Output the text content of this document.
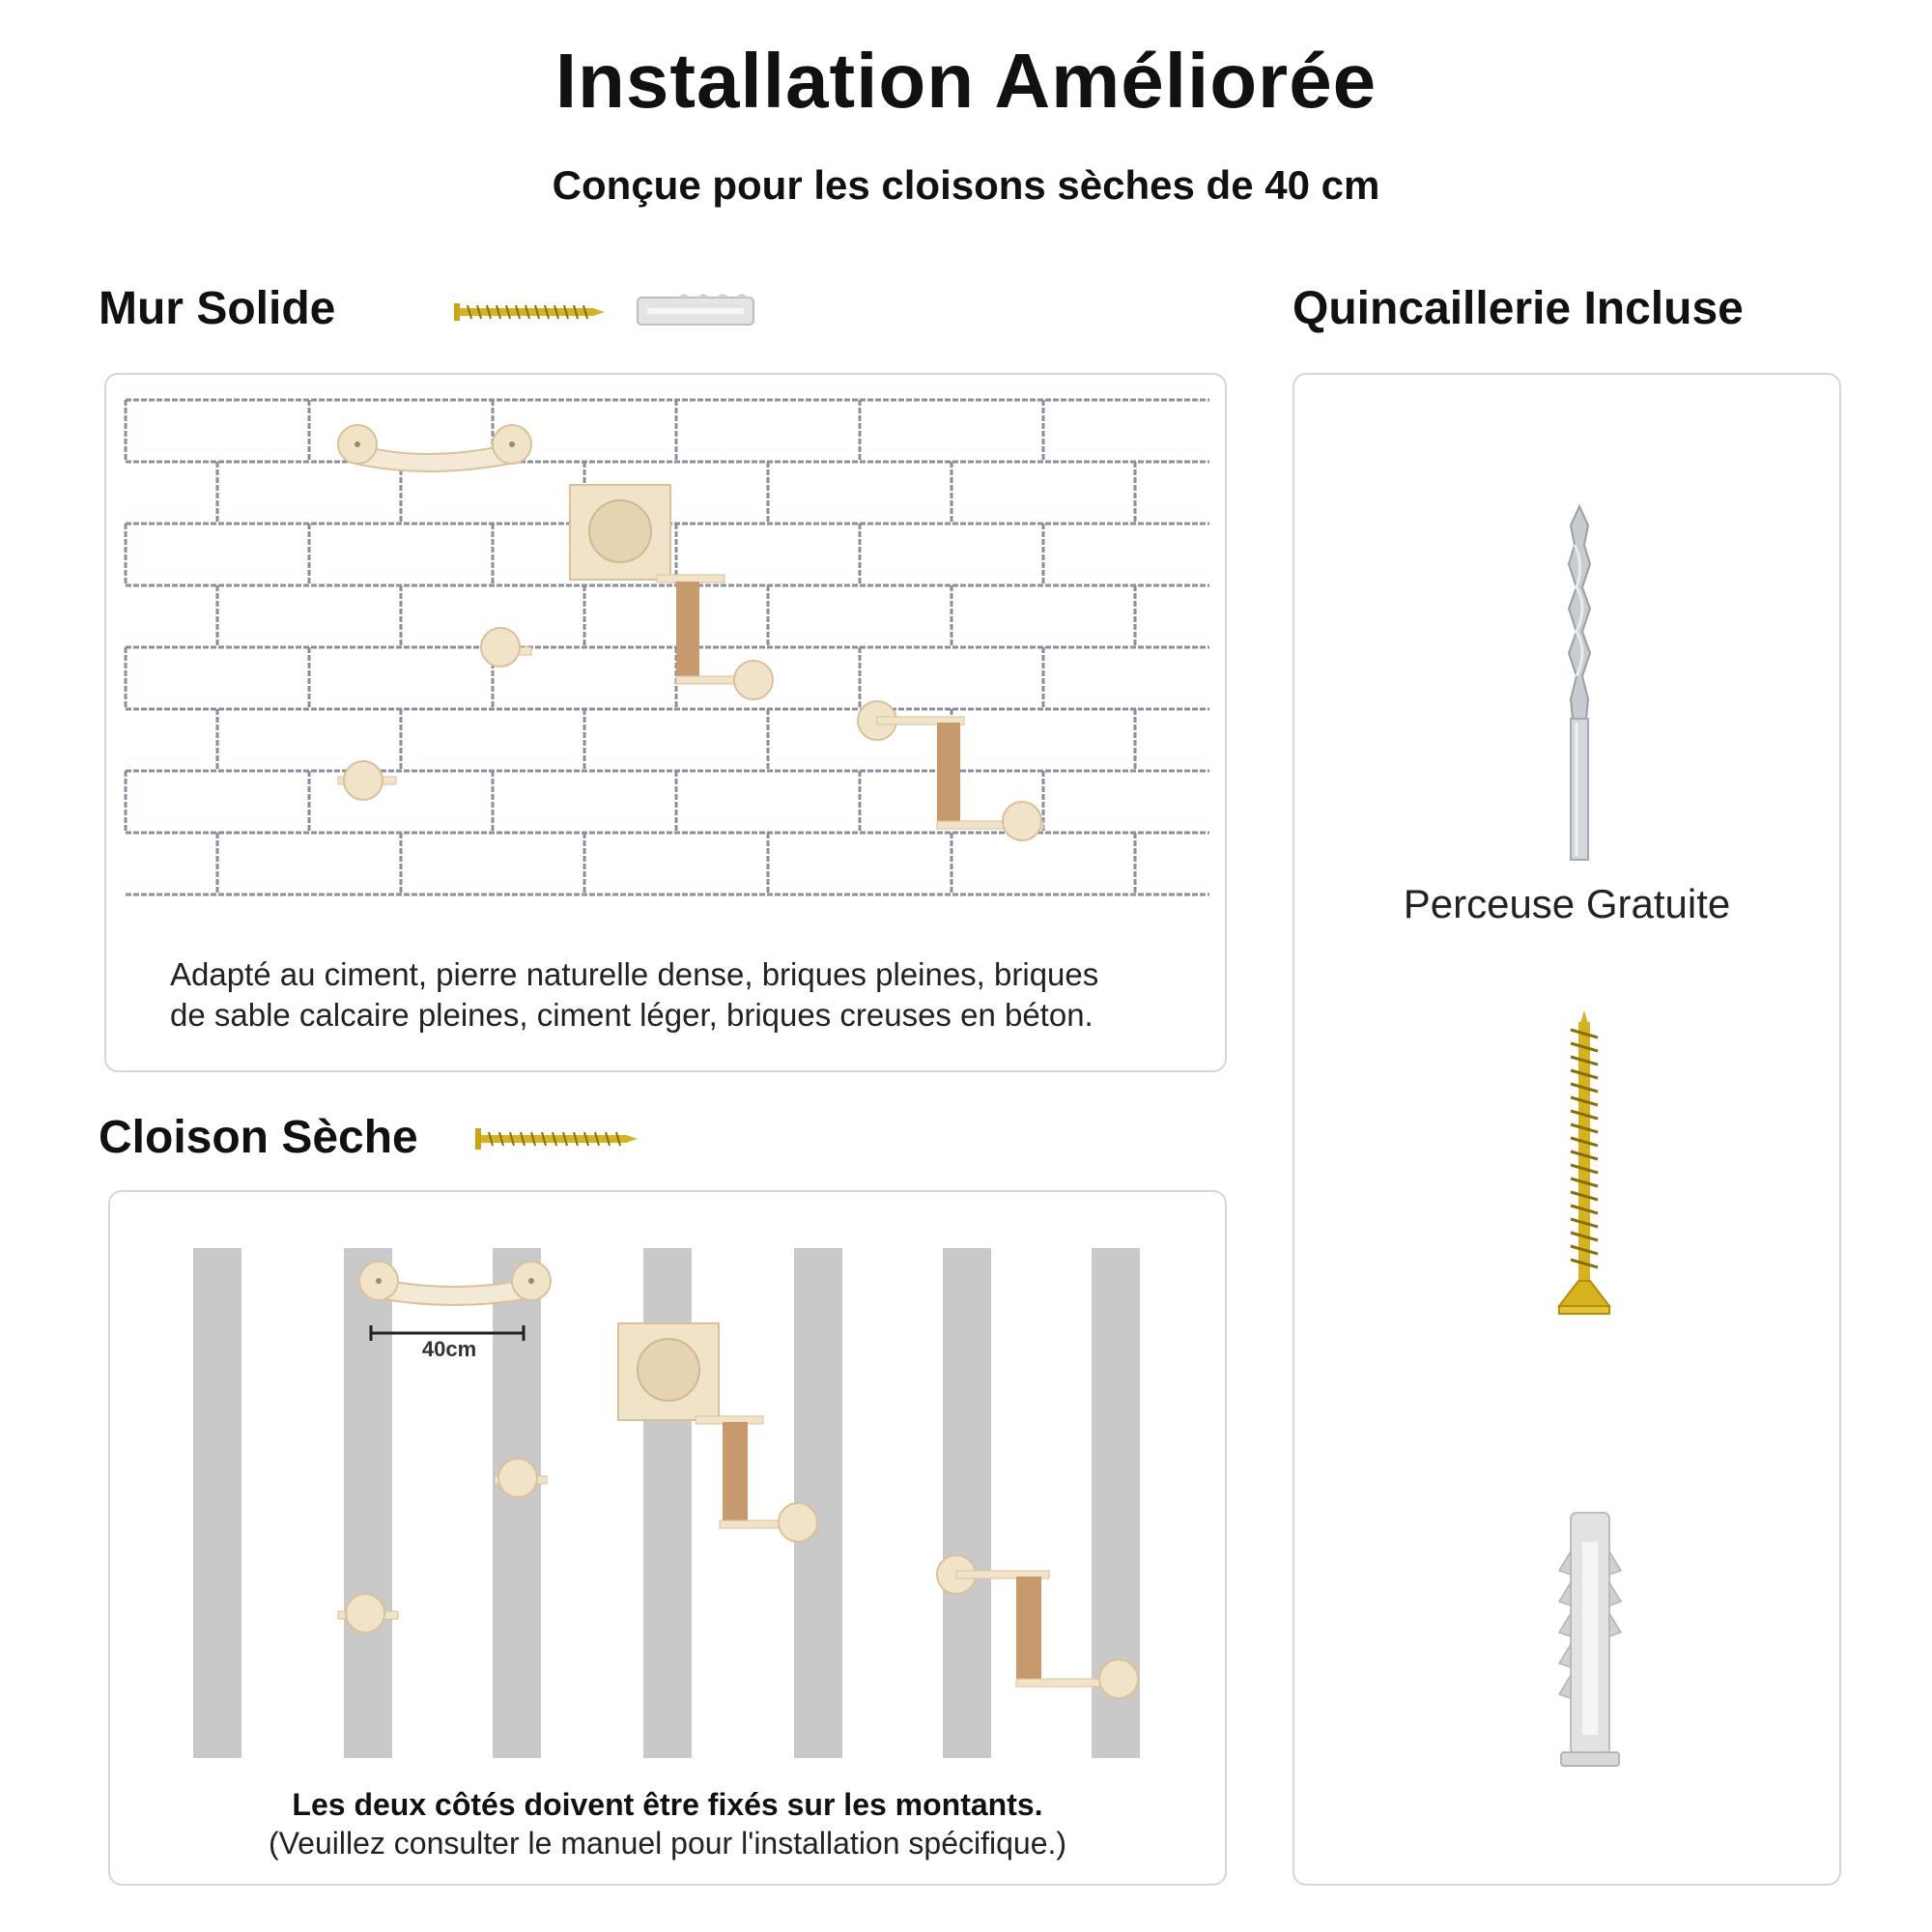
Installation Améliorée
Conçue pour les cloisons sèches de 40 cm
Mur Solide
Adapté au ciment, pierre naturelle dense, briques pleines, briques
de sable calcaire pleines, ciment léger, briques creuses en béton.
Cloison Sèche
40cm
Les deux côtés doivent être fixés sur les montants.
(Veuillez consulter le manuel pour l'installation spécifique.)
Quincaillerie Incluse
Perceuse Gratuite
